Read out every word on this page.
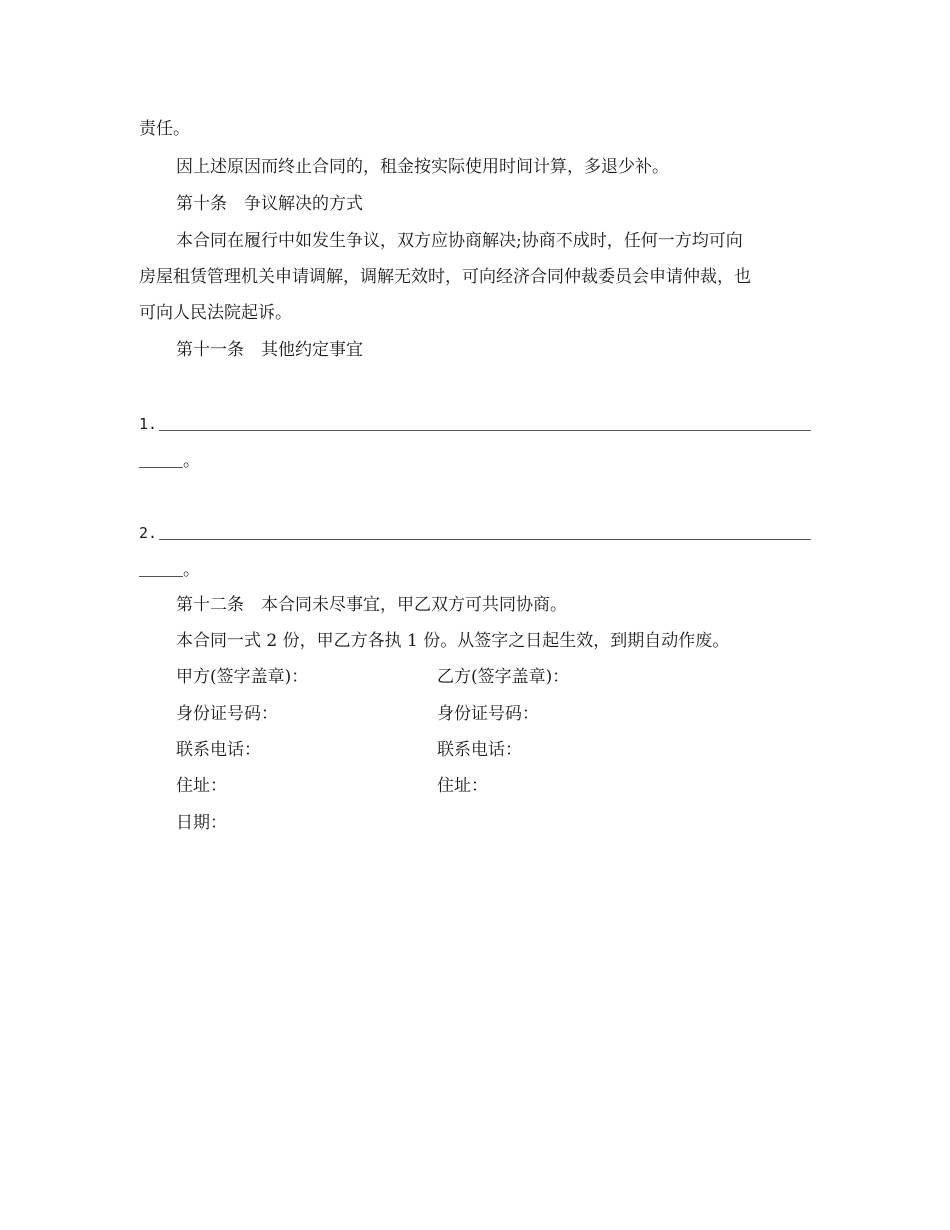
责任。
因上述原因而终止合同的，租金按实际使用时间计算，多退少补。
第十条　争议解决的方式
本合同在履行中如发生争议，双方应协商解决;协商不成时，任何一方均可向
房屋租赁管理机关申请调解，调解无效时，可向经济合同仲裁委员会申请仲裁，也
可向人民法院起诉。
第十一条　其他约定事宜
1.
。
2.
。
第十二条　本合同未尽事宜，甲乙双方可共同协商。
本合同一式 2 份，甲乙方各执 1 份。从签字之日起生效，到期自动作废。
甲方(签字盖章)：	乙方(签字盖章)：
身份证号码：	身份证号码：
联系电话：	联系电话：
住址：	住址：
日期：
